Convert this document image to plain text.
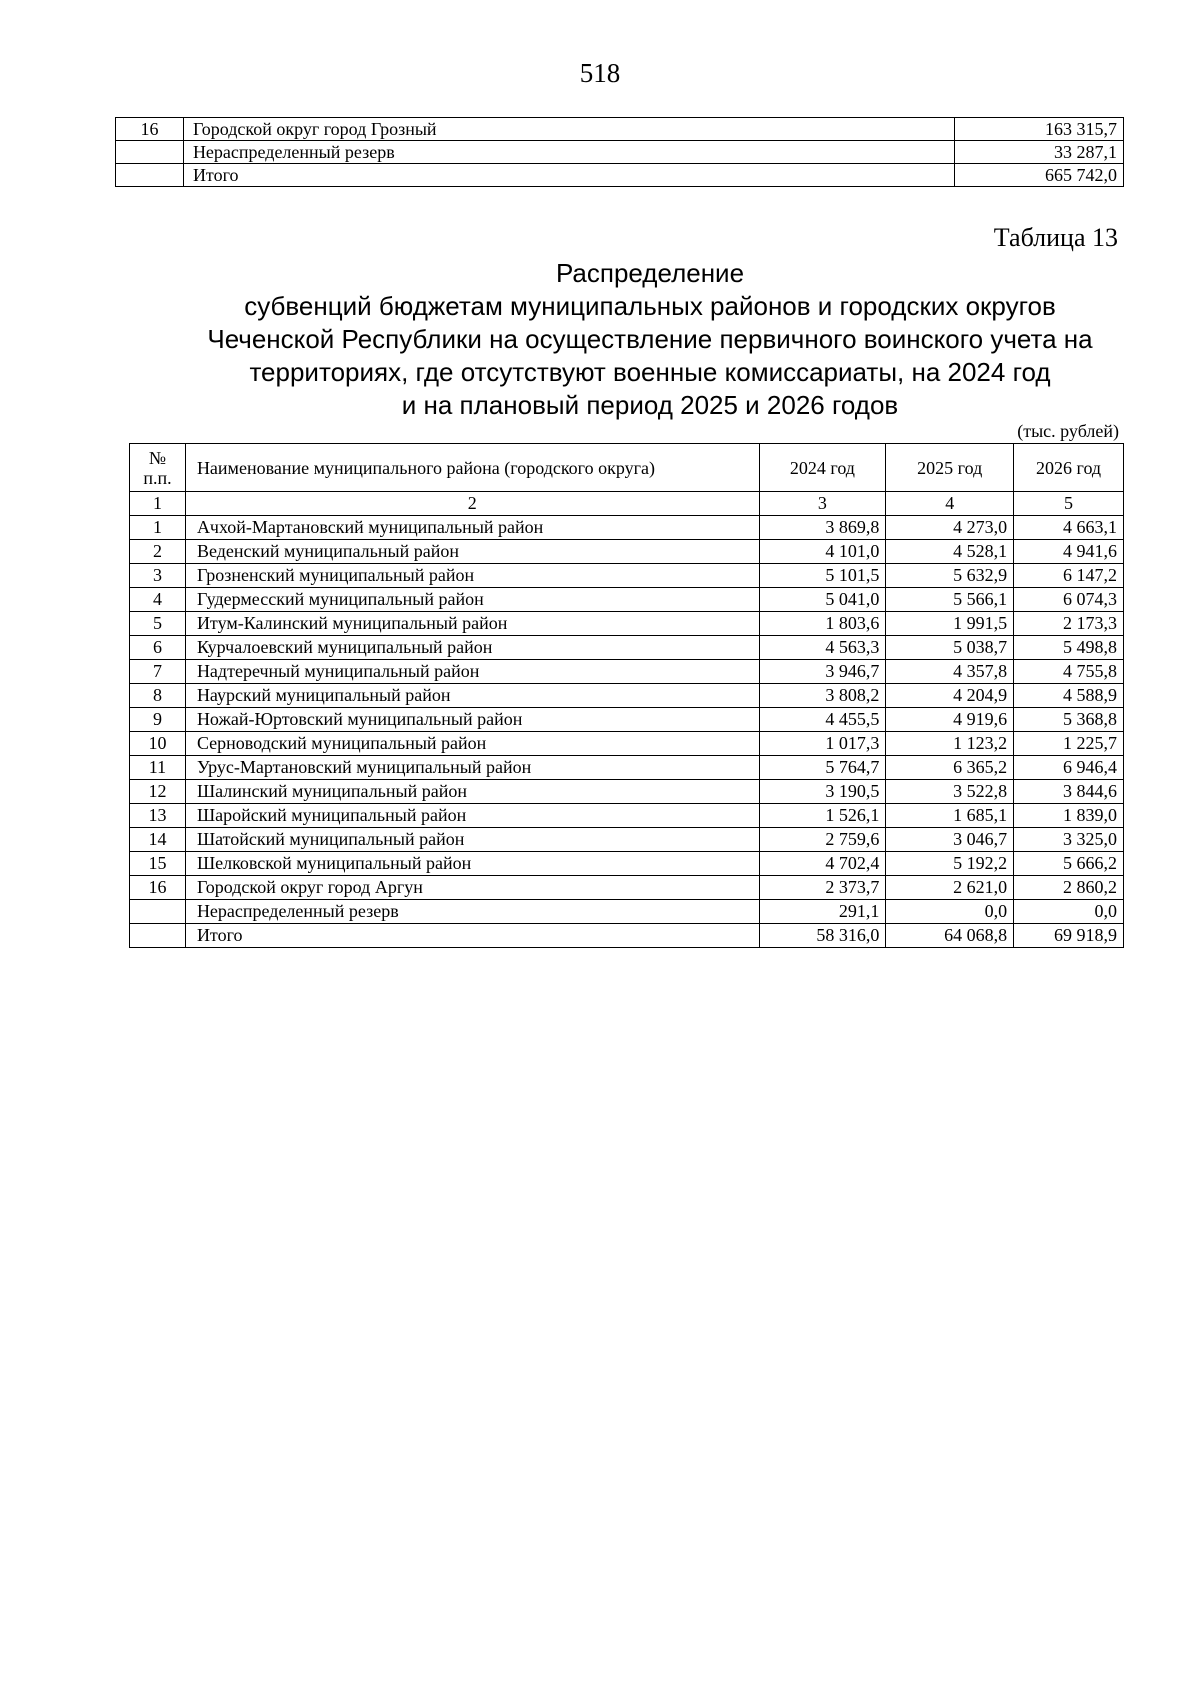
518
16	Городской округ город Грозный	163 315,7
	Нераспределенный резерв	33 287,1
	Итого	665 742,0
Таблица 13
Распределение
субвенций бюджетам муниципальных районов и городских округов
Чеченской Республики на осуществление первичного воинского учета на
территориях, где отсутствуют военные комиссариаты, на 2024 год
и на плановый период 2025 и 2026 годов
(тыс. рублей)
№
п.п.	Наименование муниципального района (городского округа)	2024 год	2025 год	2026 год
1	2	3	4	5
1	Ачхой-Мартановский муниципальный район	3 869,8	4 273,0	4 663,1
2	Веденский муниципальный район	4 101,0	4 528,1	4 941,6
3	Грозненский муниципальный район	5 101,5	5 632,9	6 147,2
4	Гудермесский муниципальный район	5 041,0	5 566,1	6 074,3
5	Итум-Калинский муниципальный район	1 803,6	1 991,5	2 173,3
6	Курчалоевский муниципальный район	4 563,3	5 038,7	5 498,8
7	Надтеречный муниципальный район	3 946,7	4 357,8	4 755,8
8	Наурский муниципальный район	3 808,2	4 204,9	4 588,9
9	Ножай-Юртовский муниципальный район	4 455,5	4 919,6	5 368,8
10	Серноводский муниципальный район	1 017,3	1 123,2	1 225,7
11	Урус-Мартановский муниципальный район	5 764,7	6 365,2	6 946,4
12	Шалинский муниципальный район	3 190,5	3 522,8	3 844,6
13	Шаройский муниципальный район	1 526,1	1 685,1	1 839,0
14	Шатойский муниципальный район	2 759,6	3 046,7	3 325,0
15	Шелковской муниципальный район	4 702,4	5 192,2	5 666,2
16	Городской округ город Аргун	2 373,7	2 621,0	2 860,2
	Нераспределенный резерв	291,1	0,0	0,0
	Итого	58 316,0	64 068,8	69 918,9
